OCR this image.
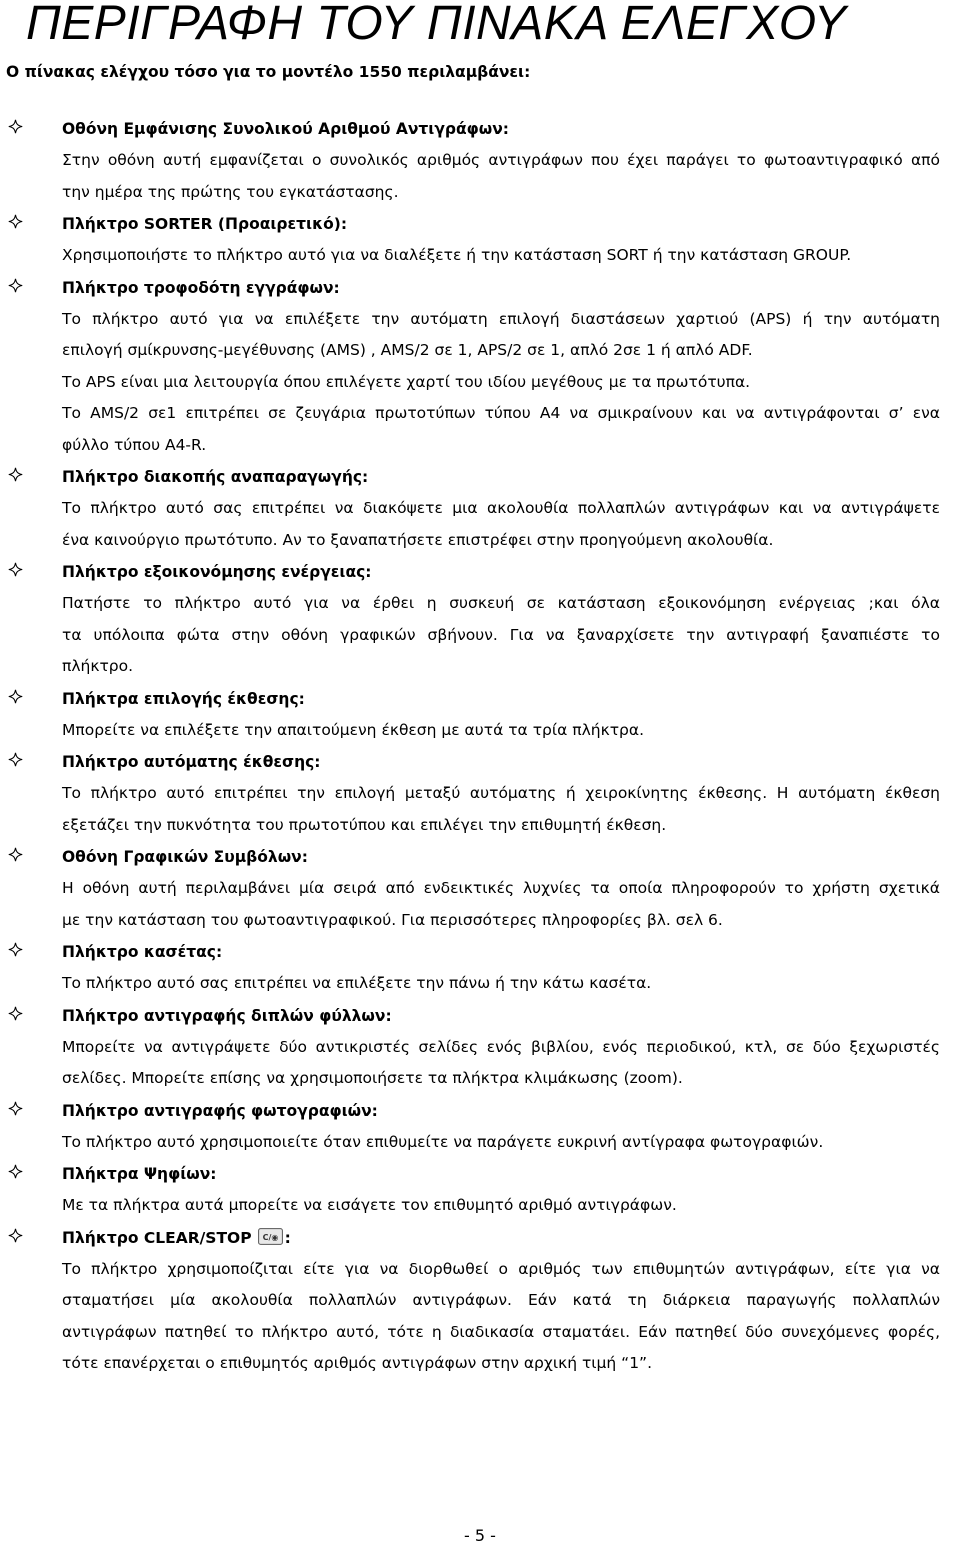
ΠΕΡΙΓΡΑΦΗ ΤΟΥ ΠΙΝΑΚΑ ΕΛΕΓΧΟΥ

Ο πίνακας ελέγχου τόσο για το μοντέλο 1550 περιλαμβάνει:

Οθόνη Εμφάνισης Συνολικού Αριθμού Αντιγράφων:

Στην οθόνη αυτή εμφανίζεται ο συνολικός αριθμός αντιγράφων που έχει παράγει το φωτοαντιγραφικό από

την ημέρα της πρώτης του εγκατάστασης.

Πλήκτρο SORTER (Προαιρετικό):

Χρησιμοποιήστε το πλήκτρο αυτό για να διαλέξετε ή την κατάσταση SORT ή την κατάσταση GROUP.

Πλήκτρο τροφοδότη εγγράφων:

Το πλήκτρο αυτό για να επιλέξετε την αυτόματη επιλογή διαστάσεων χαρτιού (APS) ή την αυτόματη

επιλογή σμίκρυνσης-μεγέθυνσης (AMS) , AMS/2 σε 1, APS/2 σε 1, απλό 2σε 1 ή απλό ADF.

Το APS είναι μια λειτουργία όπου επιλέγετε χαρτί του ιδίου μεγέθους με τα πρωτότυπα.

Το AMS/2 σε1 επιτρέπει σε ζευγάρια πρωτοτύπων τύπου A4 να σμικραίνουν και να αντιγράφονται σ’ ενα

φύλλο τύπου A4-R.

Πλήκτρο διακοπής αναπαραγωγής:

Το πλήκτρο αυτό σας επιτρέπει να διακόψετε μια ακολουθία πολλαπλών αντιγράφων και να αντιγράψετε

ένα καινούργιο πρωτότυπο. Αν το ξαναπατήσετε επιστρέφει στην προηγούμενη ακολουθία.

Πλήκτρο εξοικονόμησης ενέργειας:

Πατήστε το πλήκτρο αυτό για να έρθει η συσκευή σε κατάσταση εξοικονόμηση ενέργειας ;και όλα

τα υπόλοιπα φώτα στην οθόνη γραφικών σβήνουν. Για να ξαναρχίσετε την αντιγραφή ξαναπιέστε το

πλήκτρο.

Πλήκτρα επιλογής έκθεσης:

Μπορείτε να επιλέξετε την απαιτούμενη έκθεση με αυτά τα τρία πλήκτρα.

Πλήκτρο αυτόματης έκθεσης:

Το πλήκτρο αυτό επιτρέπει την επιλογή μεταξύ αυτόματης ή χειροκίνητης έκθεσης. Η αυτόματη έκθεση

εξετάζει την πυκνότητα του πρωτοτύπου και επιλέγει την επιθυμητή έκθεση.

Οθόνη Γραφικών Συμβόλων:

Η οθόνη αυτή περιλαμβάνει μία σειρά από ενδεικτικές λυχνίες τα οποία πληροφορούν το χρήστη σχετικά

με την κατάσταση του φωτοαντιγραφικού. Για περισσότερες πληροφορίες βλ. σελ 6.

Πλήκτρο κασέτας:

Το πλήκτρο αυτό σας επιτρέπει να επιλέξετε την πάνω ή την κάτω κασέτα.

Πλήκτρο αντιγραφής διπλών φύλλων:

Μπορείτε να αντιγράψετε δύο αντικριστές σελίδες ενός βιβλίου, ενός περιοδικού, κτλ, σε δύο ξεχωριστές

σελίδες. Μπορείτε επίσης να χρησιμοποιήσετε τα πλήκτρα κλιμάκωσης (zoom).

Πλήκτρο αντιγραφής φωτογραφιών:

Το πλήκτρο αυτό χρησιμοποιείτε όταν επιθυμείτε να παράγετε ευκρινή αντίγραφα φωτογραφιών.

Πλήκτρα Ψηφίων:

Με τα πλήκτρα αυτά μπορείτε να εισάγετε τον επιθυμητό αριθμό αντιγράφων.

Πλήκτρο CLEAR/STOP C/◉ :

Το πλήκτρο χρησιμοποίζιται είτε για να διορθωθεί ο αριθμός των επιθυμητών αντιγράφων, είτε για να

σταματήσει μία ακολουθία πολλαπλών αντιγράφων. Εάν κατά τη διάρκεια παραγωγής πολλαπλών

αντιγράφων πατηθεί το πλήκτρο αυτό, τότε η διαδικασία σταματάει. Εάν πατηθεί δύο συνεχόμενες φορές,

τότε επανέρχεται ο επιθυμητός αριθμός αντιγράφων στην αρχική τιμή “1”.

- 5 -
